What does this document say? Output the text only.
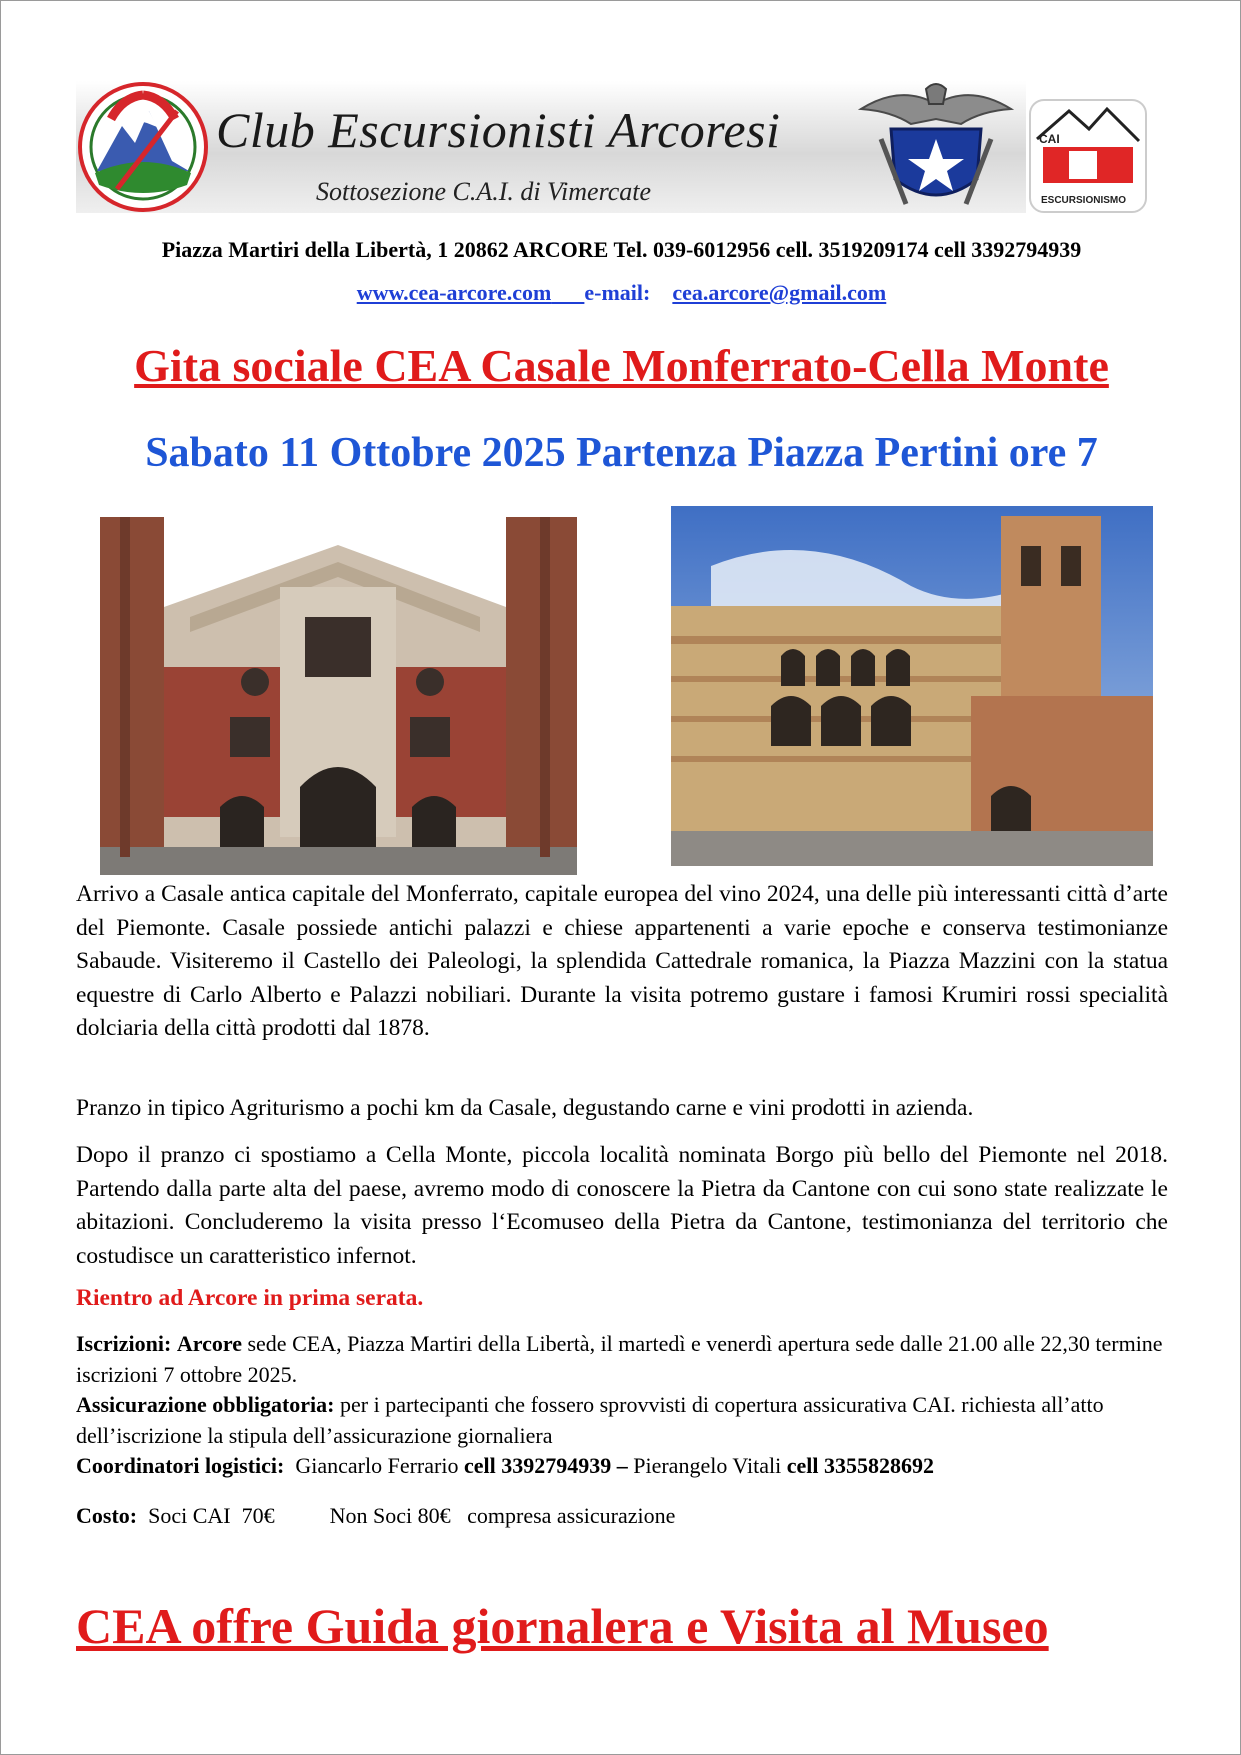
Club Escursionisti Arcoresi
Sottosezione C.A.I. di Vimercate
CAI
ESCURSIONISMO
Piazza Martiri della Libertà, 1 20862 ARCORE Tel. 039-6012956 cell. 3519209174 cell 3392794939
www.cea-arcore.com e-mail: cea.arcore@gmail.com
Gita sociale CEA Casale Monferrato-Cella Monte
Sabato 11 Ottobre 2025 Partenza Piazza Pertini ore 7
Arrivo a Casale antica capitale del Monferrato, capitale europea del vino 2024, una delle più interessanti città d’arte del Piemonte. Casale possiede antichi palazzi e chiese appartenenti a varie epoche e conserva testimonianze Sabaude. Visiteremo il Castello dei Paleologi, la splendida Cattedrale romanica, la Piazza Mazzini con la statua equestre di Carlo Alberto e Palazzi nobiliari. Durante la visita potremo gustare i famosi Krumiri rossi specialità dolciaria della città prodotti dal 1878.
Pranzo in tipico Agriturismo a pochi km da Casale, degustando carne e vini prodotti in azienda.
Dopo il pranzo ci spostiamo a Cella Monte, piccola località nominata Borgo più bello del Piemonte nel 2018. Partendo dalla parte alta del paese, avremo modo di conoscere la Pietra da Cantone con cui sono state realizzate le abitazioni. Concluderemo la visita presso l‘Ecomuseo della Pietra da Cantone, testimonianza del territorio che costudisce un caratteristico infernot.
Rientro ad Arcore in prima serata.
Iscrizioni: Arcore sede CEA, Piazza Martiri della Libertà, il martedì e venerdì apertura sede dalle 21.00 alle 22,30 termine iscrizioni 7 ottobre 2025.
Assicurazione obbligatoria: per i partecipanti che fossero sprovvisti di copertura assicurativa CAI. richiesta all’atto dell’iscrizione la stipula dell’assicurazione giornaliera
Coordinatori logistici:  Giancarlo Ferrario cell 3392794939 – Pierangelo Vitali cell 3355828692
Costo:  Soci CAI  70€          Non Soci 80€   compresa assicurazione
CEA offre Guida giornalera e Visita al Museo
